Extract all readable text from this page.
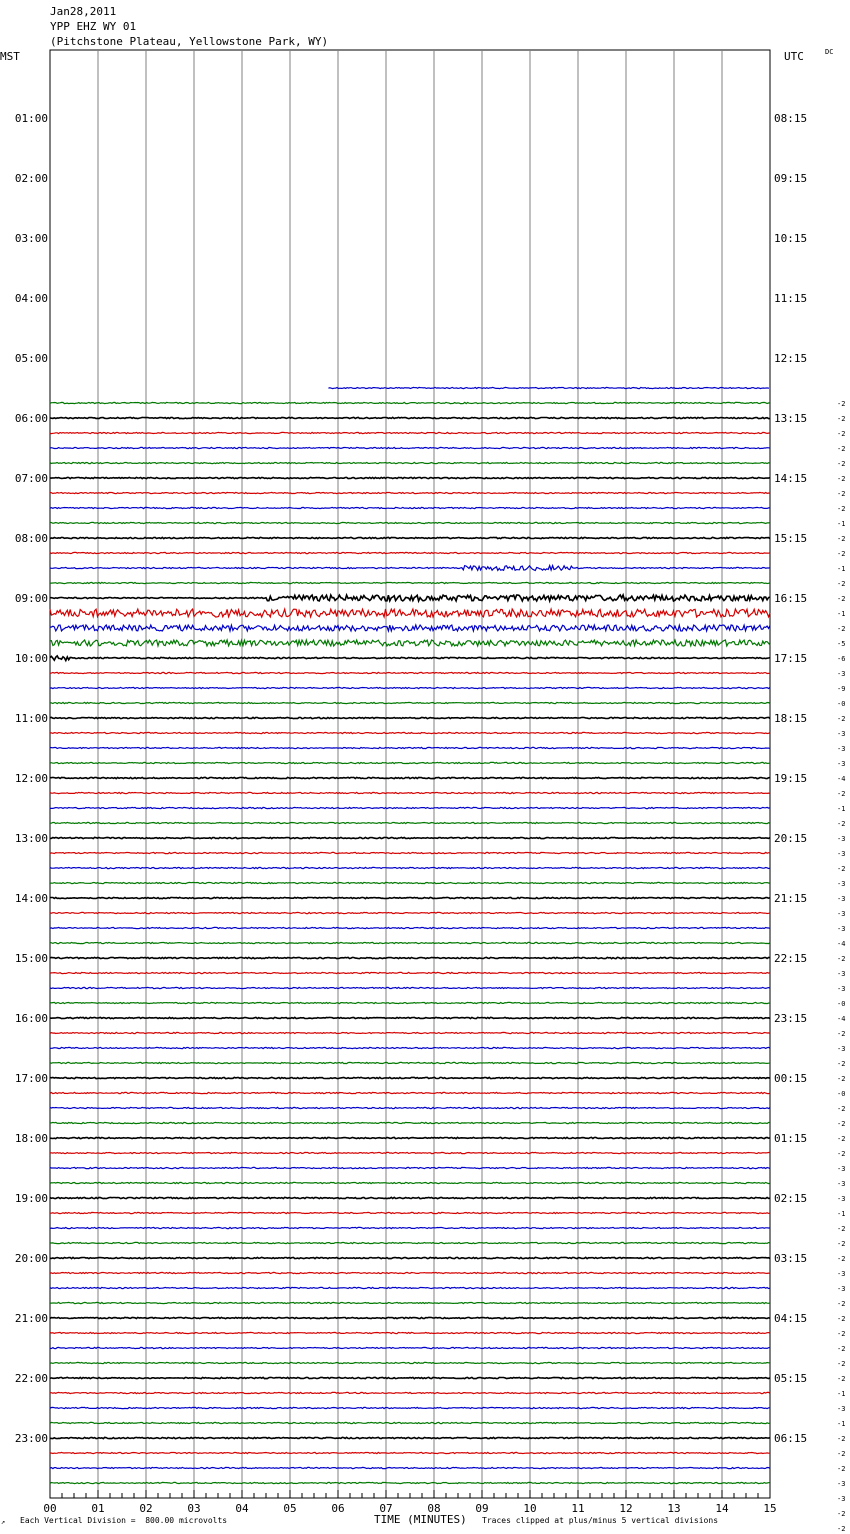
Jan28,2011
YPP EHZ WY 01
(Pitchstone Plateau, Yellowstone Park, WY)
MST	UTC	DC
01:00
02:00
03:00
04:00
05:00
06:00
07:00
08:00
09:00
10:00
11:00
12:00
13:00
14:00
15:00
16:00
17:00
18:00
19:00
20:00
21:00
22:00
23:00
08:15
09:15
10:15
11:15
12:15
13:15
14:15
15:15
16:15
17:15
18:15
19:15
20:15
21:15
22:15
23:15
00:15
01:15
02:15
03:15
04:15
05:15
06:15
-2
-2
-2
-2
-2
-2
-2
-2
-1
-2
-2
-1
-2
-2
-1
-2
-5
-6
-3
-9
-0
-2
-3
-3
-3
-4
-2
-1
-2
-3
-3
-2
-3
-3
-3
-3
-4
-2
-3
-3
-0
-4
-2
-3
-2
-2
-0
-2
-2
-2
-2
-3
-3
-3
-1
-2
-2
-2
-3
-3
-2
-2
-2
-2
-2
-2
-1
-3
-1
-2
-2
-2
-3
-3
-2
-2
00	01	02	03	04	05	06	07	08	09	10	11	12	13	14	15
↗ Each Vertical Division =  800.00 microvolts	TIME (MINUTES) Traces clipped at plus/minus 5 vertical divisions
